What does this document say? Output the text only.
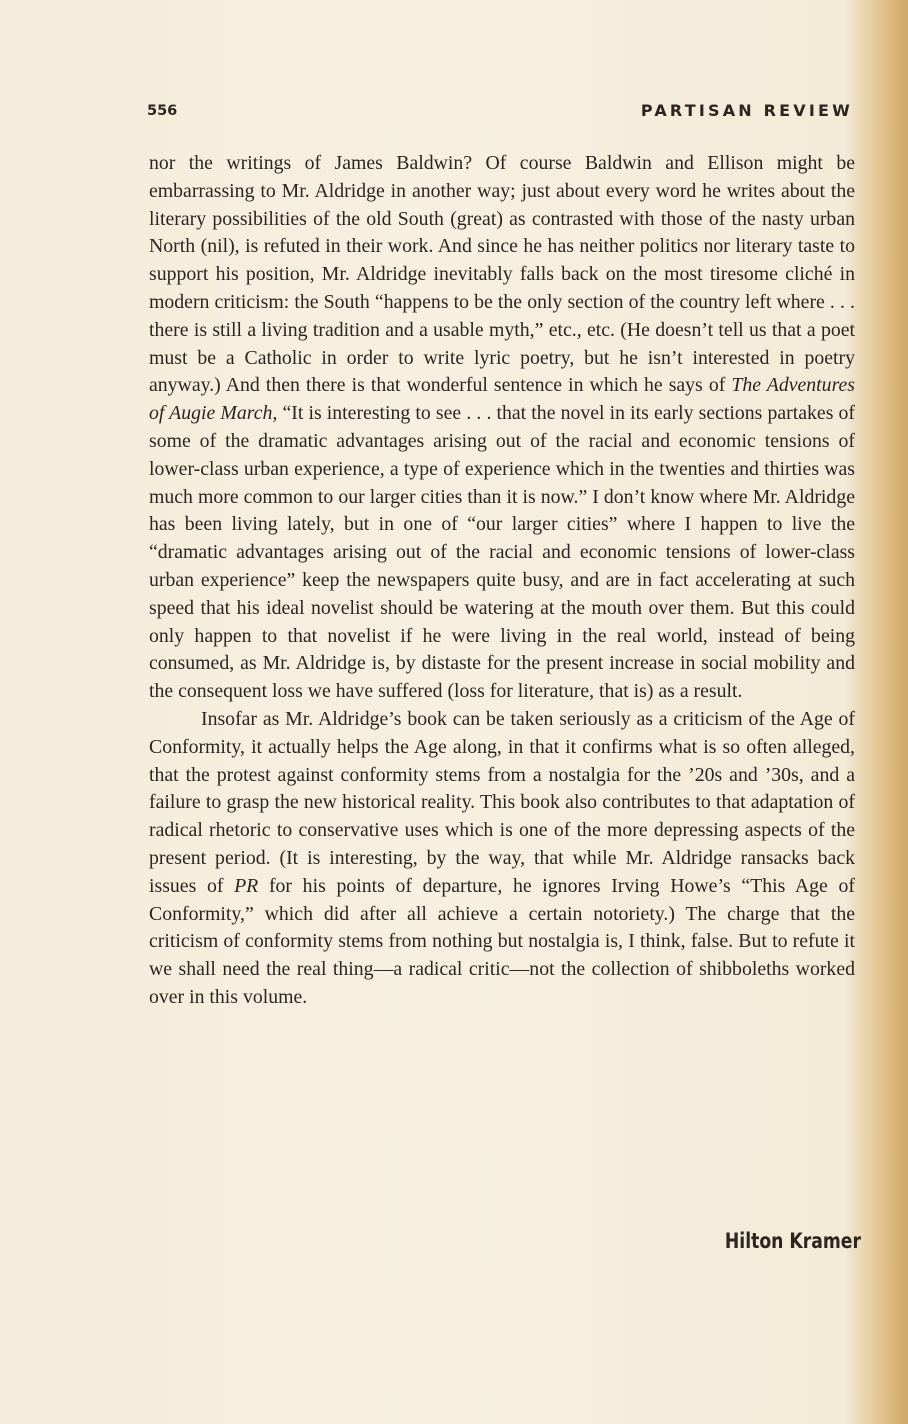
556	PARTISAN REVIEW

nor the writings of James Baldwin? Of course Baldwin and Ellison might be embarrassing to Mr. Aldridge in another way; just about every word he writes about the literary possibilities of the old South (great) as contrasted with those of the nasty urban North (nil), is refuted in their work. And since he has neither politics nor literary taste to support his position, Mr. Aldridge inevitably falls back on the most tiresome cliché in modern criticism: the South “happens to be the only section of the country left where . . . there is still a living tradition and a usable myth,” etc., etc. (He doesn’t tell us that a poet must be a Catholic in order to write lyric poetry, but he isn’t interested in poetry anyway.) And then there is that wonderful sentence in which he says of The Adventures of Augie March, “It is interesting to see . . . that the novel in its early sections partakes of some of the dramatic advantages arising out of the racial and economic tensions of lower-class urban experience, a type of experience which in the twenties and thirties was much more common to our larger cities than it is now.” I don’t know where Mr. Aldridge has been living lately, but in one of “our larger cities” where I happen to live the “dramatic advantages arising out of the racial and economic tensions of lower-class urban experience” keep the newspapers quite busy, and are in fact accelerating at such speed that his ideal novelist should be watering at the mouth over them. But this could only happen to that novelist if he were living in the real world, instead of being consumed, as Mr. Aldridge is, by distaste for the present increase in social mobility and the consequent loss we have suffered (loss for literature, that is) as a result.

Insofar as Mr. Aldridge’s book can be taken seriously as a criticism of the Age of Conformity, it actually helps the Age along, in that it confirms what is so often alleged, that the protest against conformity stems from a nostalgia for the ’20s and ’30s, and a failure to grasp the new historical reality. This book also contributes to that adaptation of radical rhetoric to conservative uses which is one of the more depressing aspects of the present period. (It is interesting, by the way, that while Mr. Aldridge ransacks back issues of PR for his points of departure, he ignores Irving Howe’s “This Age of Conformity,” which did after all achieve a certain notoriety.) The charge that the criticism of conformity stems from nothing but nostalgia is, I think, false. But to refute it we shall need the real thing—a radical critic—not the collection of shibboleths worked over in this volume.

Hilton Kramer
